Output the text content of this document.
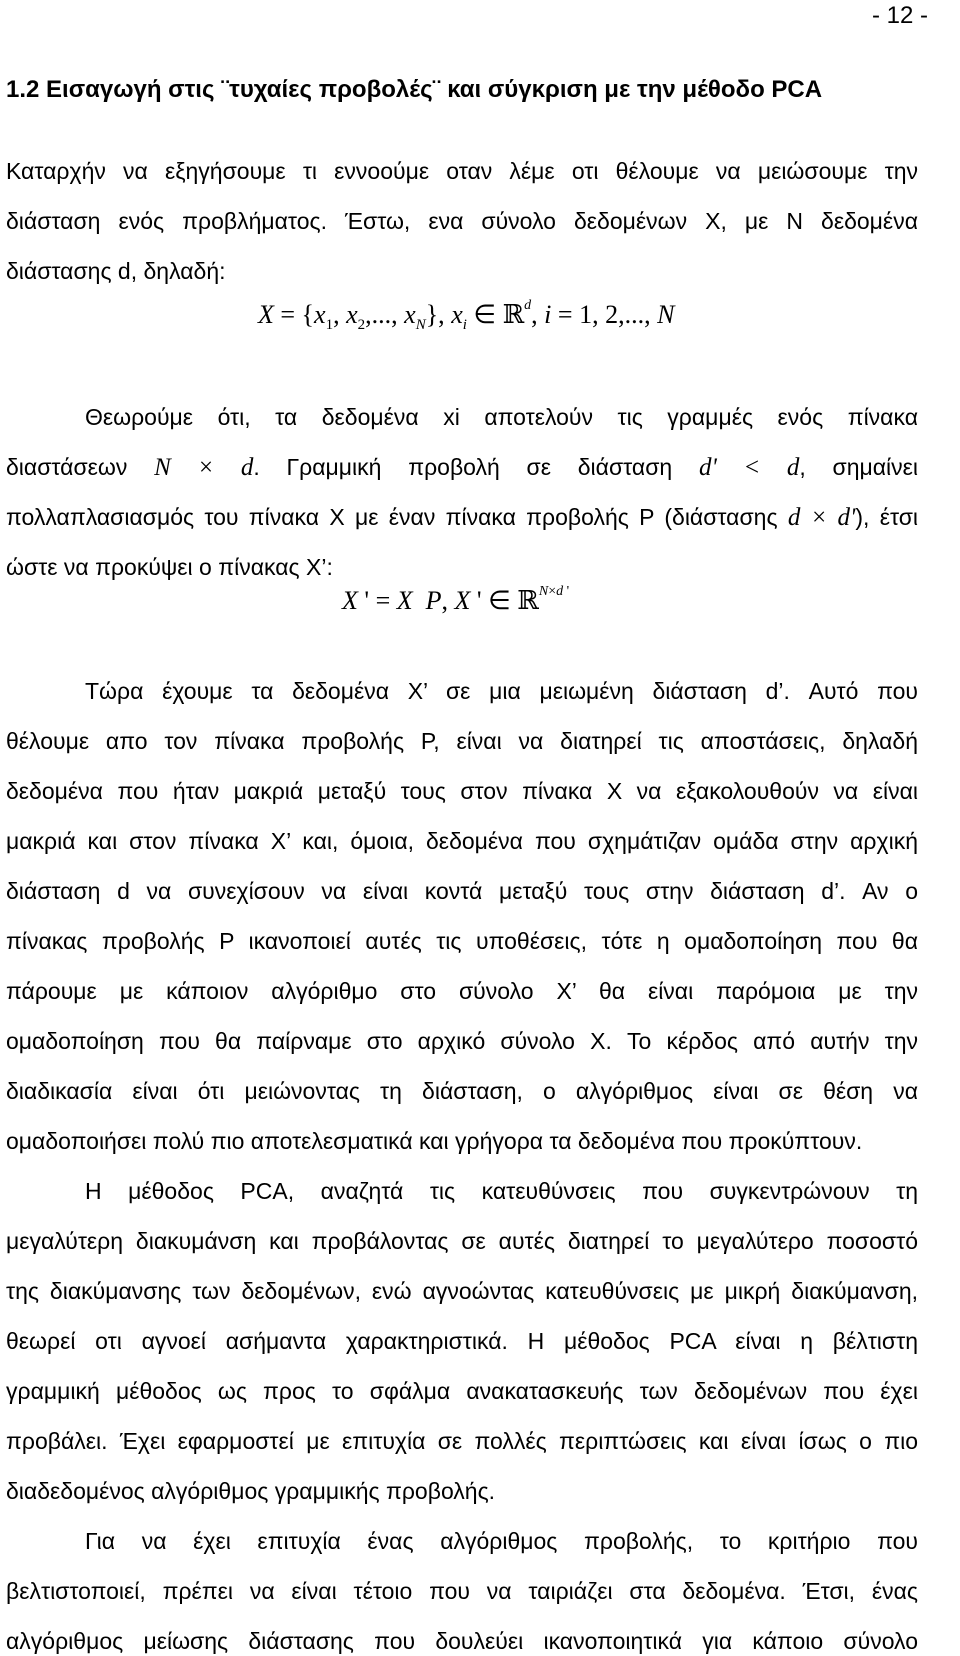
- 12 -
1.2 Εισαγωγή στις ¨τυχαίες προβολές¨ και σύγκριση με την μέθοδο PCA
Καταρχήν να εξηγήσουμε τι εννοούμε οταν λέμε οτι θέλουμε να μειώσουμε την
διάσταση ενός προβλήματος. Έστω, ενα σύνολο δεδομένων X, με N δεδομένα
διάστασης d, δηλαδή:
$X = \{x_1$, $x_2$,..., $x_N$}, $x_i$ ∈ ℝ$^d$, i = 1, 2,..., N
Θεωρούμε ότι, τα δεδομένα xi αποτελούν τις γραμμές ενός πίνακα
διαστάσεων N × d. Γραμμική προβολή σε διάσταση d' < d, σημαίνει
πολλαπλασιασμός του πίνακα X με έναν πίνακα προβολής P (διάστασης d × d'), έτσι
ώστε να προκύψει ο πίνακας X’:
X ' = X P, X ' ∈ ℝ$^{N\times d '}$
Τώρα έχουμε τα δεδομένα X’ σε μια μειωμένη διάσταση d’. Αυτό που
θέλουμε απο τον πίνακα προβολής P, είναι να διατηρεί τις αποστάσεις, δηλαδή
δεδομένα που ήταν μακριά μεταξύ τους στον πίνακα X να εξακολουθούν να είναι
μακριά και στον πίνακα X’ και, όμοια, δεδομένα που σχημάτιζαν ομάδα στην αρχική
διάσταση d να συνεχίσουν να είναι κοντά μεταξύ τους στην διάσταση d’. Αν ο
πίνακας προβολής P ικανοποιεί αυτές τις υποθέσεις, τότε η ομαδοποίηση που θα
πάρουμε με κάποιον αλγόριθμο στο σύνολο X’ θα είναι παρόμοια με την
ομαδοποίηση που θα παίρναμε στο αρχικό σύνολο X. Το κέρδος από αυτήν την
διαδικασία είναι ότι μειώνοντας τη διάσταση, ο αλγόριθμος είναι σε θέση να
ομαδοποιήσει πολύ πιο αποτελεσματικά και γρήγορα τα δεδομένα που προκύπτουν.
Η μέθοδος PCA, αναζητά τις κατευθύνσεις που συγκεντρώνουν τη
μεγαλύτερη διακυμάνση και προβάλοντας σε αυτές διατηρεί το μεγαλύτερο ποσοστό
της διακύμανσης των δεδομένων, ενώ αγνοώντας κατευθύνσεις με μικρή διακύμανση,
θεωρεί οτι αγνοεί ασήμαντα χαρακτηριστικά. Η μέθοδος PCA είναι η βέλτιστη
γραμμική μέθοδος ως προς το σφάλμα ανακατασκευής των δεδομένων που έχει
προβάλει. Έχει εφαρμοστεί με επιτυχία σε πολλές περιπτώσεις και είναι ίσως ο πιο
διαδεδομένος αλγόριθμος γραμμικής προβολής.
Για να έχει επιτυχία ένας αλγόριθμος προβολής, το κριτήριο που
βελτιστοποιεί, πρέπει να είναι τέτοιο που να ταιριάζει στα δεδομένα. Έτσι, ένας
αλγόριθμος μείωσης διάστασης που δουλεύει ικανοποιητικά για κάποιο σύνολο
